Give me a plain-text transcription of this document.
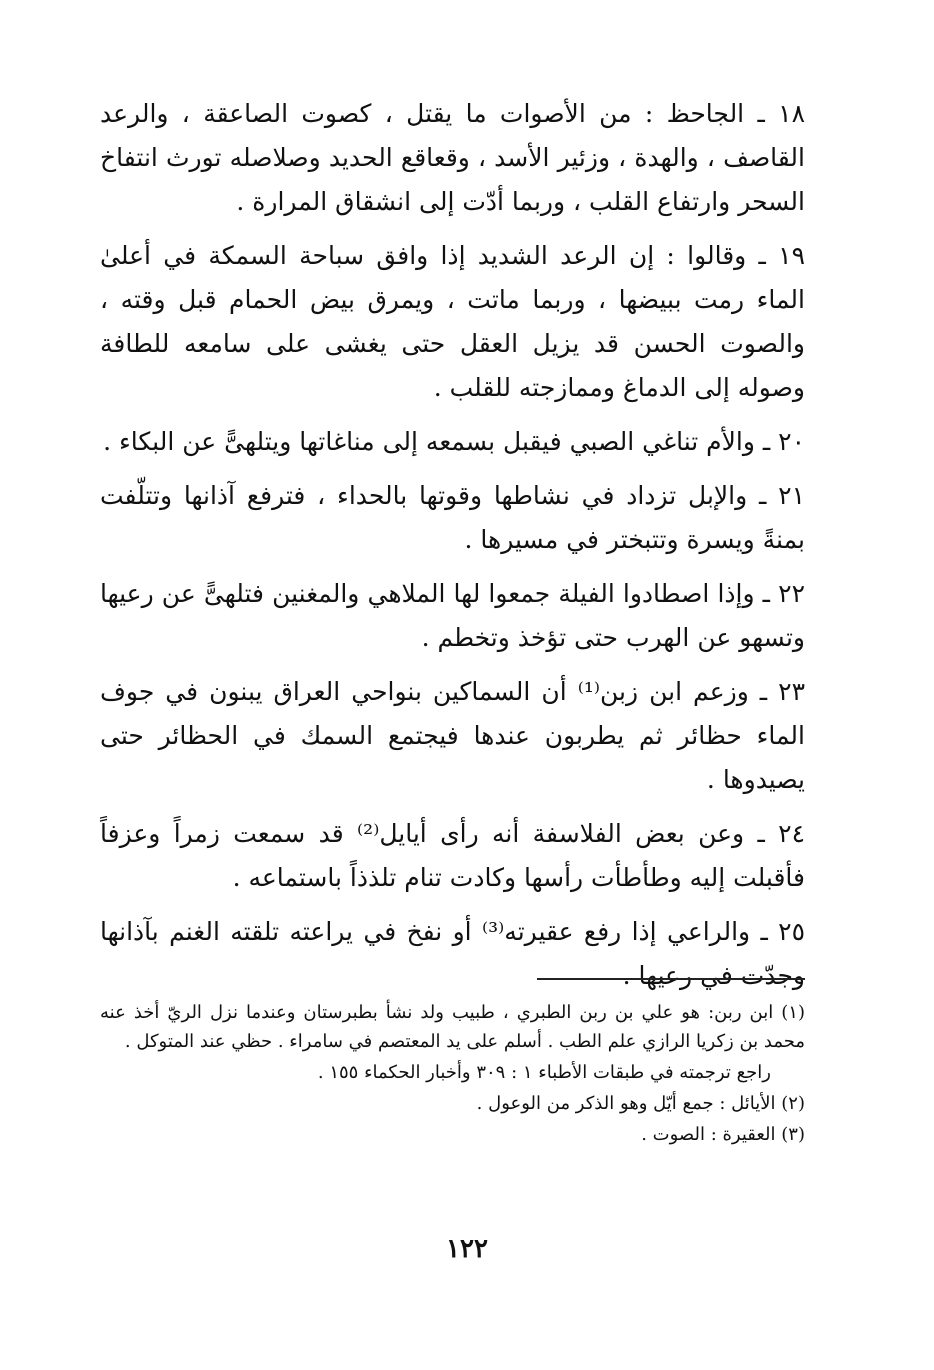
١٨ ـ الجاحظ : من الأصوات ما يقتل ، كصوت الصاعقة ، والرعد القاصف ، والهدة ، وزئير الأسد ، وقعاقع الحديد وصلاصله تورث انتفاخ السحر وارتفاع القلب ، وربما أدّت إلى انشقاق المرارة .

١٩ ـ وقالوا : إن الرعد الشديد إذا وافق سباحة السمكة في أعلىٰ الماء رمت ببيضها ، وربما ماتت ، ويمرق بيض الحمام قبل وقته ، والصوت الحسن قد يزيل العقل حتى يغشى على سامعه للطافة وصوله إلى الدماغ وممازجته للقلب .

٢٠ ـ والأم تناغي الصبي فيقبل بسمعه إلى مناغاتها ويتلهىًّ عن البكاء .

٢١ ـ والإبل تزداد في نشاطها وقوتها بالحداء ، فترفع آذانها وتتلّفت بمنةً ويسرة وتتبختر في مسيرها .

٢٢ ـ وإذا اصطادوا الفيلة جمعوا لها الملاهي والمغنين فتلهىًّ عن رعيها وتسهو عن الهرب حتى تؤخذ وتخطم .

٢٣ ـ وزعم ابن زبن⁽¹⁾ أن السماكين بنواحي العراق يبنون في جوف الماء حظائر ثم يطربون عندها فيجتمع السمك في الحظائر حتى يصيدوها .

٢٤ ـ وعن بعض الفلاسفة أنه رأى أيايل⁽²⁾ قد سمعت زمراً وعزفاً فأقبلت إليه وطأطأت رأسها وكادت تنام تلذذاً باستماعه .

٢٥ ـ والراعي إذا رفع عقيرته⁽³⁾ أو نفخ في يراعته تلقته الغنم بآذانها وجدّت في رعيها .

(١) ابن ربن: هو علي بن ربن الطبري ، طبيب ولد نشأ بطبرستان وعندما نزل الريّ أخذ عنه محمد بن زكريا الرازي علم الطب . أسلم على يد المعتصم في سامراء . حظي عند المتوكل .

راجع ترجمته في طبقات الأطباء ١ : ٣٠٩ وأخبار الحكماء ١٥٥ .

(٢) الأيائل : جمع أيّل وهو الذكر من الوعول .

(٣) العقيرة : الصوت .

١٢٢
